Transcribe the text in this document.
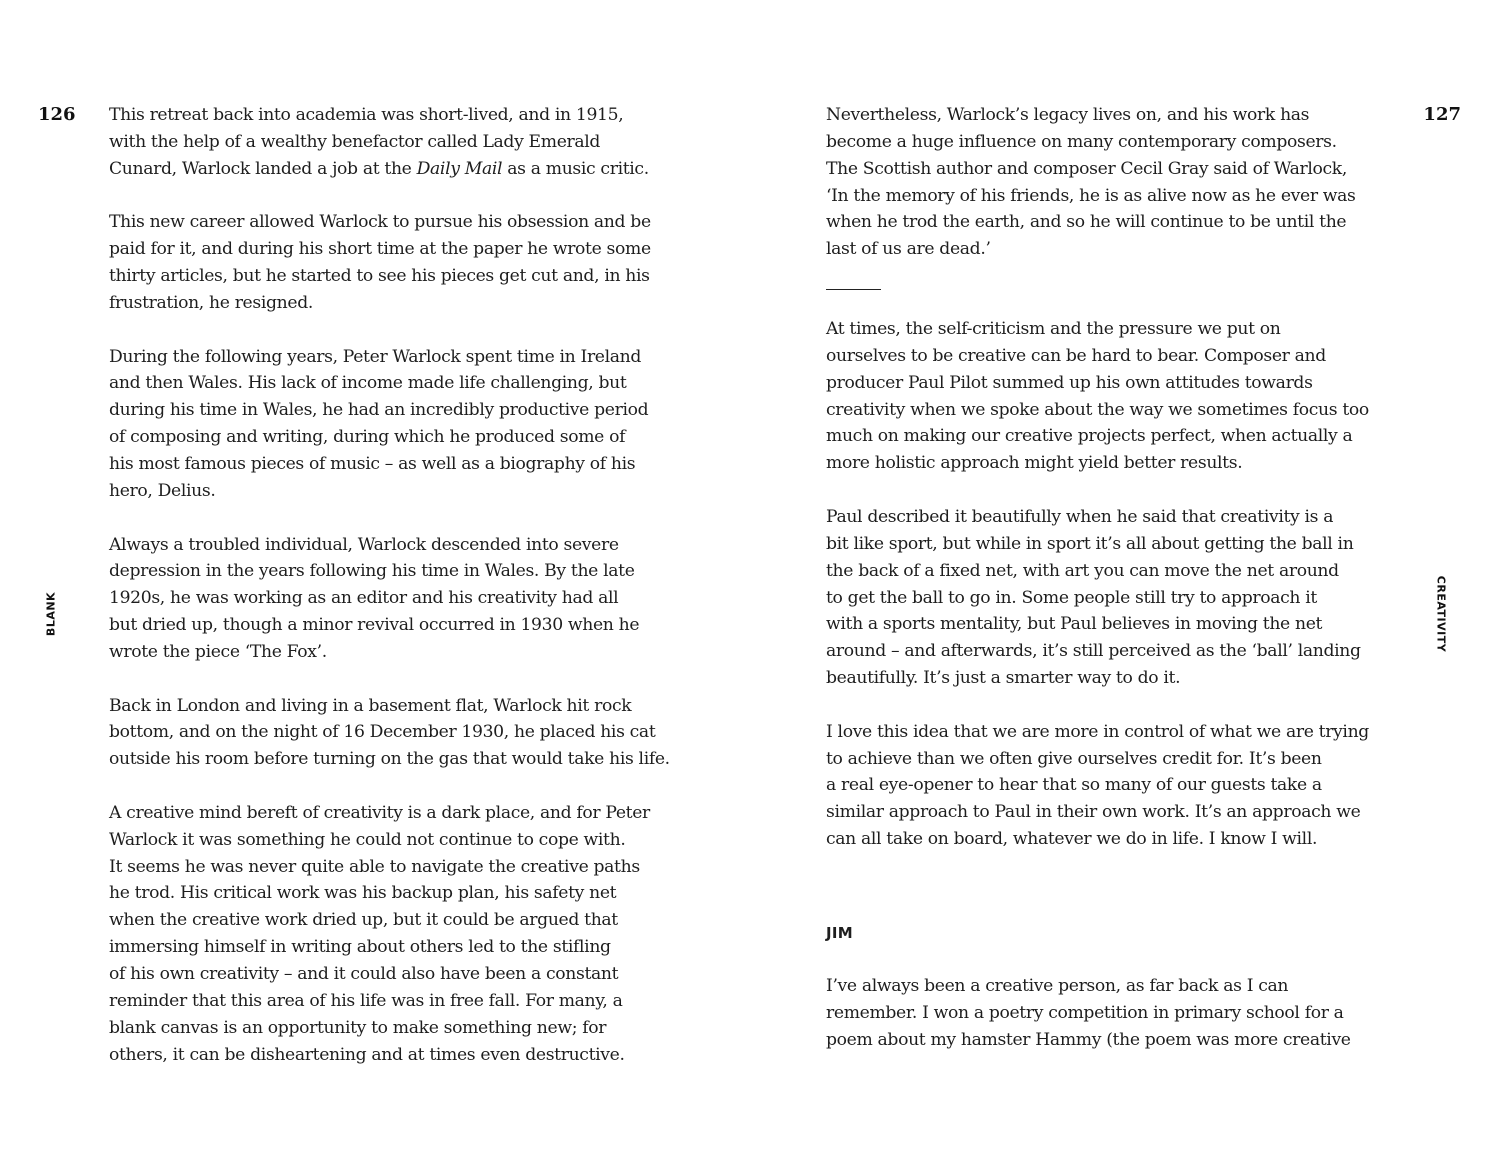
126	127
BLANK	CREATIVITY
This retreat back into academia was short-lived, and in 1915,
with the help of a wealthy benefactor called Lady Emerald
Cunard, Warlock landed a job at the Daily Mail as a music critic.
This new career allowed Warlock to pursue his obsession and be
paid for it, and during his short time at the paper he wrote some
thirty articles, but he started to see his pieces get cut and, in his
frustration, he resigned.
During the following years, Peter Warlock spent time in Ireland
and then Wales. His lack of income made life challenging, but
during his time in Wales, he had an incredibly productive period
of composing and writing, during which he produced some of
his most famous pieces of music – as well as a biography of his
hero, Delius.
Always a troubled individual, Warlock descended into severe
depression in the years following his time in Wales. By the late
1920s, he was working as an editor and his creativity had all
but dried up, though a minor revival occurred in 1930 when he
wrote the piece ‘The Fox’.
Back in London and living in a basement flat, Warlock hit rock
bottom, and on the night of 16 December 1930, he placed his cat
outside his room before turning on the gas that would take his life.
A creative mind bereft of creativity is a dark place, and for Peter
Warlock it was something he could not continue to cope with.
It seems he was never quite able to navigate the creative paths
he trod. His critical work was his backup plan, his safety net
when the creative work dried up, but it could be argued that
immersing himself in writing about others led to the stifling
of his own creativity – and it could also have been a constant
reminder that this area of his life was in free fall. For many, a
blank canvas is an opportunity to make something new; for
others, it can be disheartening and at times even destructive.
Nevertheless, Warlock’s legacy lives on, and his work has
become a huge influence on many contemporary composers.
The Scottish author and composer Cecil Gray said of Warlock,
‘In the memory of his friends, he is as alive now as he ever was
when he trod the earth, and so he will continue to be until the
last of us are dead.’
At times, the self-criticism and the pressure we put on
ourselves to be creative can be hard to bear. Composer and
producer Paul Pilot summed up his own attitudes towards
creativity when we spoke about the way we sometimes focus too
much on making our creative projects perfect, when actually a
more holistic approach might yield better results.
Paul described it beautifully when he said that creativity is a
bit like sport, but while in sport it’s all about getting the ball in
the back of a fixed net, with art you can move the net around
to get the ball to go in. Some people still try to approach it
with a sports mentality, but Paul believes in moving the net
around – and afterwards, it’s still perceived as the ‘ball’ landing
beautifully. It’s just a smarter way to do it.
I love this idea that we are more in control of what we are trying
to achieve than we often give ourselves credit for. It’s been
a real eye-opener to hear that so many of our guests take a
similar approach to Paul in their own work. It’s an approach we
can all take on board, whatever we do in life. I know I will.
JIM
I’ve always been a creative person, as far back as I can
remember. I won a poetry competition in primary school for a
poem about my hamster Hammy (the poem was more creative
